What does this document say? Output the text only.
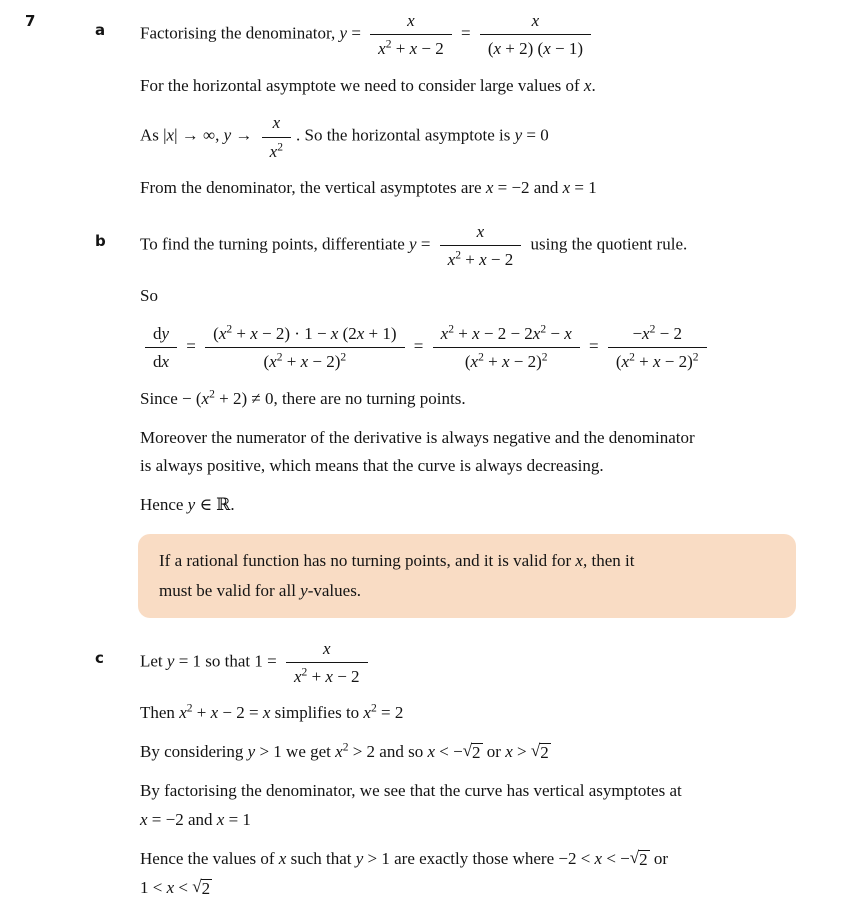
7	a	Factorising the denominator, $y = \frac{x}{x^2 + x - 2} = \frac{x}{(x + 2) (x - 1)}$
For the horizontal asymptote we need to consider large values of x.
As |x| → ∞, $y \to \frac{x}{x^2}$ . So the horizontal asymptote is y = 0
From the denominator, the vertical asymptotes are x = −2 and x = 1
b	To find the turning points, differentiate $y = \frac{x}{x^2 + x - 2}$ using the quotient rule.
So
$\frac{dy}{dx} = \frac{(x^2 + x - 2) \cdot 1 - x (2x + 1)}{(x^2 + x - 2)^2} = \frac{x^2 + x - 2 - 2x^2 - x}{(x^2 + x - 2)^2} = \frac{-x^2 - 2}{(x^2 + x - 2)^2}$
Since − $(x^2 + 2) \ne 0$, there are no turning points.
Moreover the numerator of the derivative is always negative and the denominator
is always positive, which means that the curve is always decreasing.
Hence y ∈ ℝ.
If a rational function has no turning points, and it is valid for x, then it
must be valid for all y-values.
c	Let y = 1 so that $1 = \frac{x}{x^2 + x - 2}$
Then $x^2 + x - 2 = x$ simplifies to $x^2 = 2$
By considering y > 1 we get $x^2 > 2$ and so x < −√2 or x > √2
By factorising the denominator, we see that the curve has vertical asymptotes at
x = −2 and x = 1
Hence the values of x such that y > 1 are exactly those where −2 < x < −√2 or
1 < x < √2
